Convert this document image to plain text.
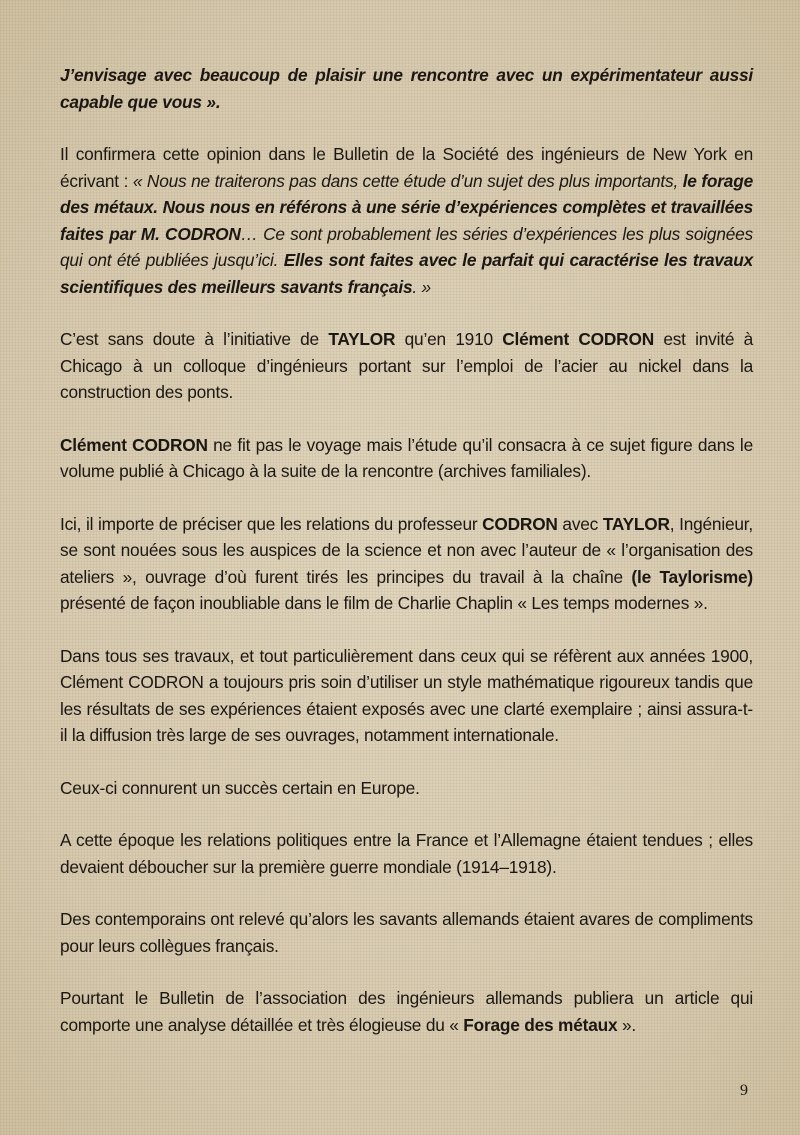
J’envisage avec beaucoup de plaisir une rencontre avec un expérimentateur aussi capable que vous ».

Il confirmera cette opinion dans le Bulletin de la Société des ingénieurs de New York en écrivant : « Nous ne traiterons pas dans cette étude d’un sujet des plus importants, le forage des métaux. Nous nous en référons à une série d’expériences complètes et travaillées faites par M. CODRON… Ce sont probablement les séries d’expériences les plus soignées qui ont été publiées jusqu’ici. Elles sont faites avec le parfait qui caractérise les travaux scientifiques des meilleurs savants français. »

C’est sans doute à l’initiative de TAYLOR qu’en 1910 Clément CODRON est invité à Chicago à un colloque d’ingénieurs portant sur l’emploi de l’acier au nickel dans la construction des ponts.

Clément CODRON ne fit pas le voyage mais l’étude qu’il consacra à ce sujet figure dans le volume publié à Chicago à la suite de la rencontre (archives familiales).

Ici, il importe de préciser que les relations du professeur CODRON avec TAYLOR, Ingénieur, se sont nouées sous les auspices de la science et non avec l’auteur de « l’organisation des ateliers », ouvrage d’où furent tirés les principes du travail à la chaîne (le Taylorisme) présenté de façon inoubliable dans le film de Charlie Chaplin « Les temps modernes ».

Dans tous ses travaux, et tout particulièrement dans ceux qui se réfèrent aux années 1900, Clément CODRON a toujours pris soin d’utiliser un style mathématique rigoureux tandis que les résultats de ses expériences étaient exposés avec une clarté exemplaire ; ainsi assura-t-il la diffusion très large de ses ouvrages, notamment internationale.

Ceux-ci connurent un succès certain en Europe.

A cette époque les relations politiques entre la France et l’Allemagne étaient tendues ; elles devaient déboucher sur la première guerre mondiale (1914–1918).

Des contemporains ont relevé qu’alors les savants allemands étaient avares de compliments pour leurs collègues français.

Pourtant le Bulletin de l’association des ingénieurs allemands publiera un article qui comporte une analyse détaillée et très élogieuse du « Forage des métaux ».

9
